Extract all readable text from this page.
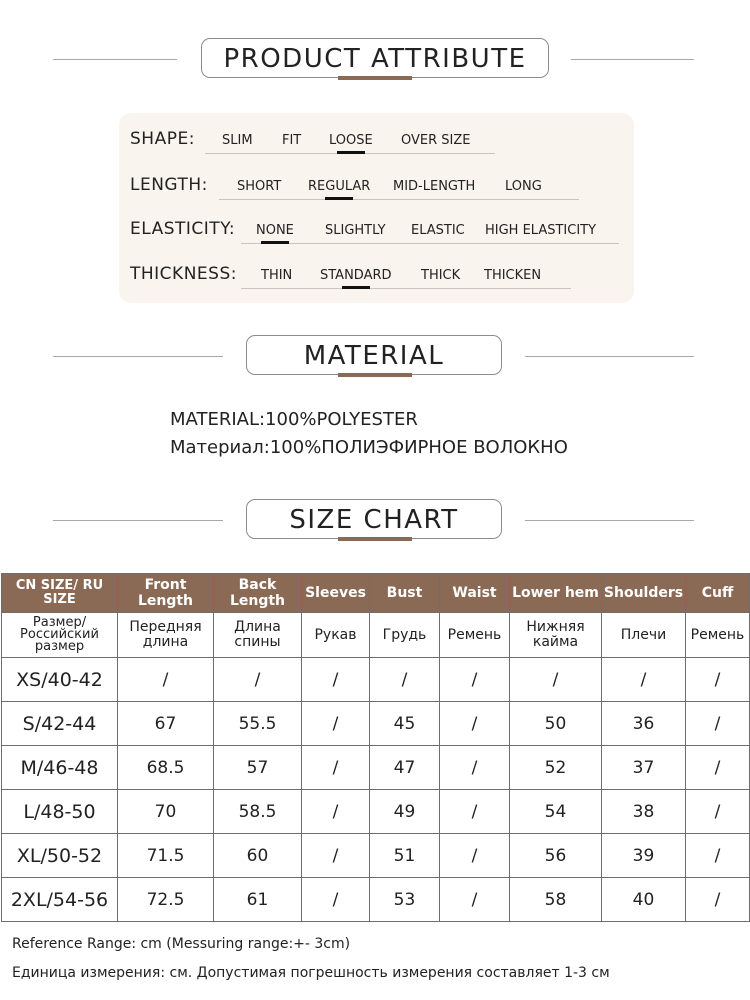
PRODUCT ATTRIBUTE
SHAPE: SLIM FIT LOOSE OVER SIZE
LENGTH: SHORT REGULAR MID-LENGTH LONG
ELASTICITY: NONE SLIGHTLY ELASTIC HIGH ELASTICITY
THICKNESS: THIN STANDARD THICK THICKEN
MATERIAL
MATERIAL:100%POLYESTER
Материал:100%ПОЛИЭФИРНОЕ ВОЛОКНО
SIZE CHART
CN SIZE/ RU SIZE	Front Length	Back Length	Sleeves	Bust	Waist	Lower hem	Shoulders	Cuff
Размер/ Российский размер	Передняя длина	Длина спины	Рукав	Грудь	Ремень	Нижняя кайма	Плечи	Ремень
XS/40-42	/	/	/	/	/	/	/	/
S/42-44	67	55.5	/	45	/	50	36	/
M/46-48	68.5	57	/	47	/	52	37	/
L/48-50	70	58.5	/	49	/	54	38	/
XL/50-52	71.5	60	/	51	/	56	39	/
2XL/54-56	72.5	61	/	53	/	58	40	/
Reference Range: cm (Messuring range:+- 3cm)
Единица измерения: см. Допустимая погрешность измерения составляет 1-3 см
